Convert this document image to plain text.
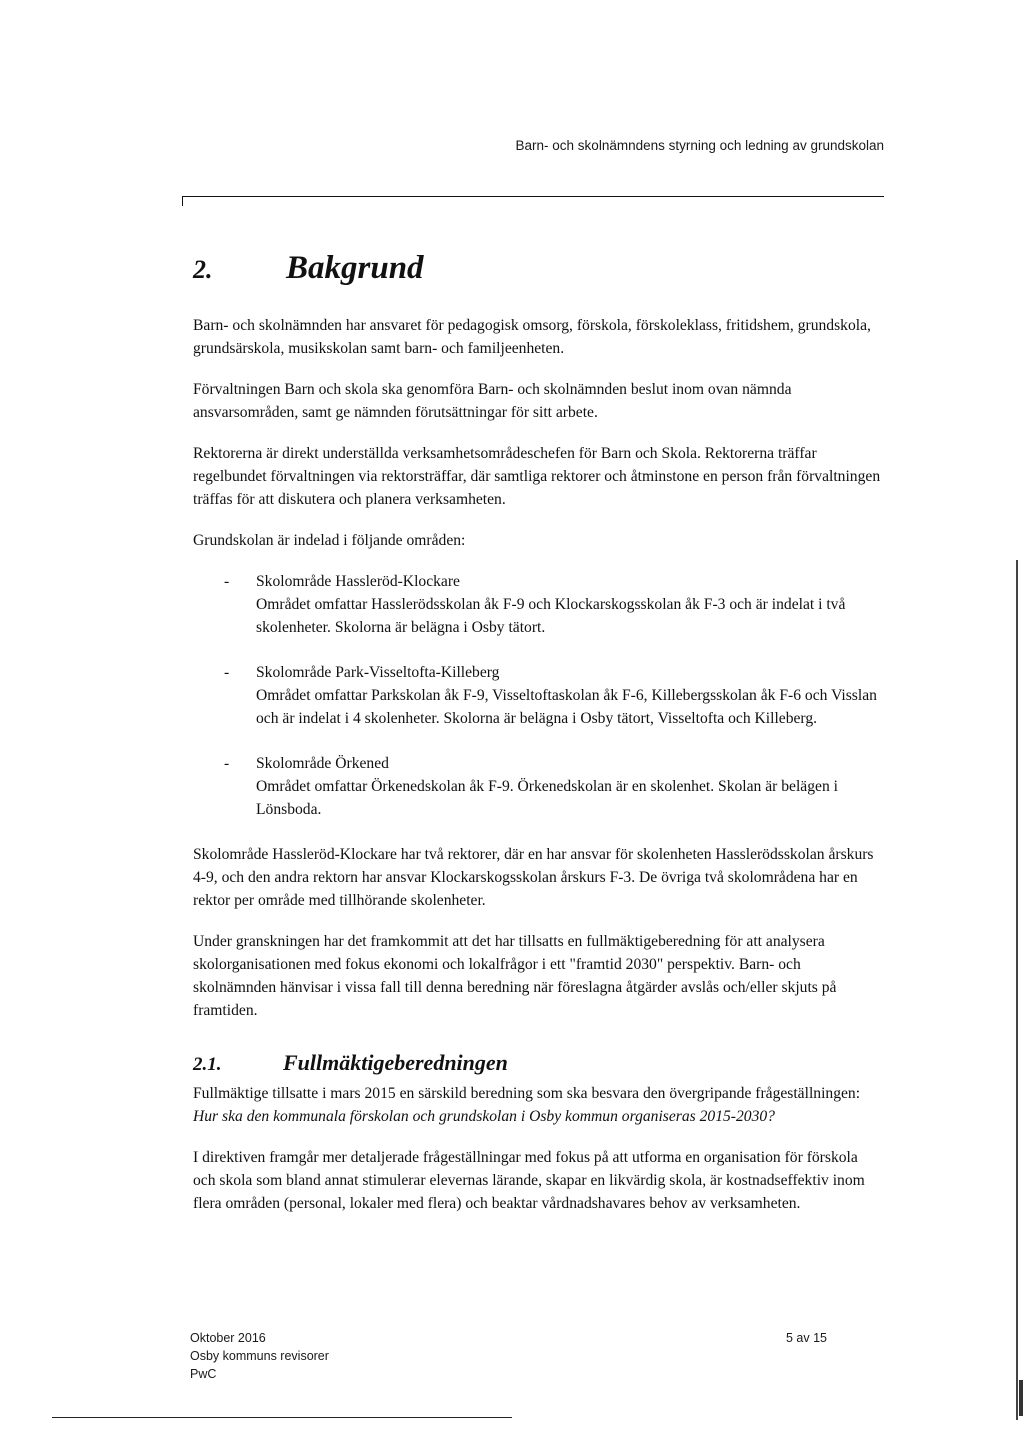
Barn- och skolnämndens styrning och ledning av grundskolan
2.	Bakgrund

Barn- och skolnämnden har ansvaret för pedagogisk omsorg, förskola, förskoleklass, fritidshem, grundskola, grundsärskola, musikskolan samt barn- och familjeenheten.

Förvaltningen Barn och skola ska genomföra Barn- och skolnämnden beslut inom ovan nämnda ansvarsområden, samt ge nämnden förutsättningar för sitt arbete.

Rektorerna är direkt underställda verksamhetsområdeschefen för Barn och Skola. Rektorerna träffar regelbundet förvaltningen via rektorsträffar, där samtliga rektorer och åtminstone en person från förvaltningen träffas för att diskutera och planera verksamheten.

Grundskolan är indelad i följande områden:

- Skolområde Hassleröd-Klockare
Området omfattar Hasslerödsskolan åk F-9 och Klockarskogsskolan åk F-3 och är indelat i två skolenheter. Skolorna är belägna i Osby tätort.
- Skolområde Park-Visseltofta-Killeberg
Området omfattar Parkskolan åk F-9, Visseltoftaskolan åk F-6, Killebergsskolan åk F-6 och Visslan och är indelat i 4 skolenheter. Skolorna är belägna i Osby tätort, Visseltofta och Killeberg.
- Skolområde Örkened
Området omfattar Örkenedskolan åk F-9. Örkenedskolan är en skolenhet. Skolan är belägen i Lönsboda.

Skolområde Hassleröd-Klockare har två rektorer, där en har ansvar för skolenheten Hasslerödsskolan årskurs 4-9, och den andra rektorn har ansvar Klockarskogsskolan årskurs F-3. De övriga två skolområdena har en rektor per område med tillhörande skolenheter.

Under granskningen har det framkommit att det har tillsatts en fullmäktigeberedning för att analysera skolorganisationen med fokus ekonomi och lokalfrågor i ett "framtid 2030" perspektiv. Barn- och skolnämnden hänvisar i vissa fall till denna beredning när föreslagna åtgärder avslås och/eller skjuts på framtiden.

2.1.	Fullmäktigeberedningen

Fullmäktige tillsatte i mars 2015 en särskild beredning som ska besvara den övergripande frågeställningen: Hur ska den kommunala förskolan och grundskolan i Osby kommun organiseras 2015-2030?

I direktiven framgår mer detaljerade frågeställningar med fokus på att utforma en organisation för förskola och skola som bland annat stimulerar elevernas lärande, skapar en likvärdig skola, är kostnadseffektiv inom flera områden (personal, lokaler med flera) och beaktar vårdnadshavares behov av verksamheten.

Oktober 2016
Osby kommuns revisorer
PwC
5 av 15
